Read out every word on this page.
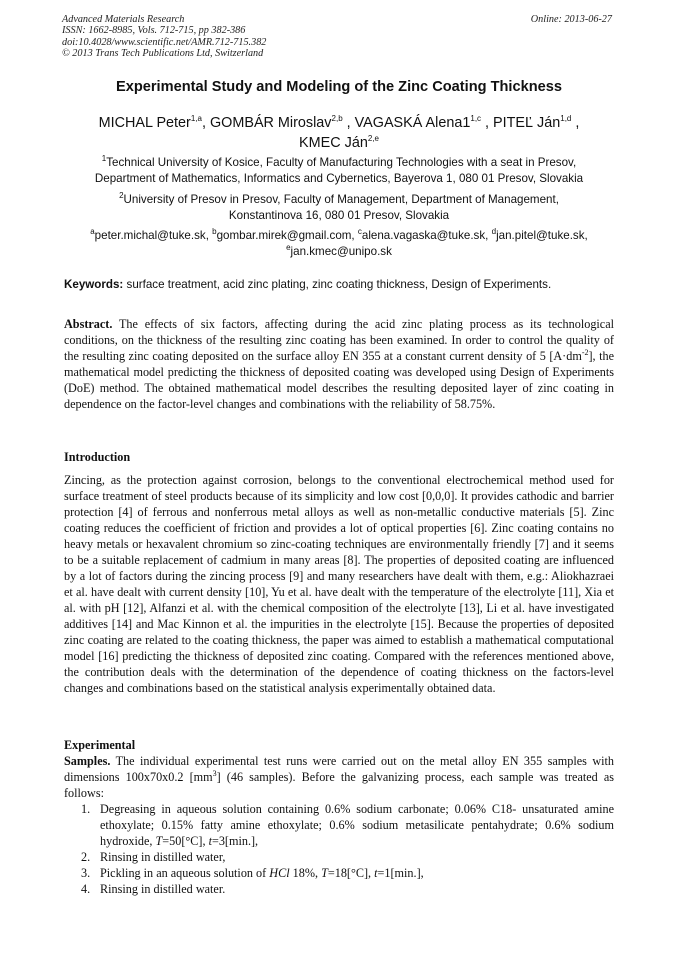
Advanced Materials Research
ISSN: 1662-8985, Vols. 712-715, pp 382-386
doi:10.4028/www.scientific.net/AMR.712-715.382
© 2013 Trans Tech Publications Ltd, Switzerland
Online: 2013-06-27
Experimental Study and Modeling of the Zinc Coating Thickness
MICHAL Peter$^{1,a}$, GOMBÁR Miroslav$^{2,b}$ , VAGASKÁ Alena1$^{1,c}$ , PITEĽ Ján$^{1,d}$ ,
KMEC Ján$^{2,e}$
$^1$Technical University of Kosice, Faculty of Manufacturing Technologies with a seat in Presov,
Department of Mathematics, Informatics and Cybernetics, Bayerova 1, 080 01 Presov, Slovakia
$^2$University of Presov in Presov, Faculty of Management, Department of Management,
Konstantinova 16, 080 01 Presov, Slovakia
$^a$peter.michal@tuke.sk, $^b$gombar.mirek@gmail.com, $^c$alena.vagaska@tuke.sk, $^d$jan.pitel@tuke.sk,
$^e$jan.kmec@unipo.sk
Keywords: surface treatment, acid zinc plating, zinc coating thickness, Design of Experiments.
Abstract. The effects of six factors, affecting during the acid zinc plating process as its technological conditions, on the thickness of the resulting zinc coating has been examined. In order to control the quality of the resulting zinc coating deposited on the surface alloy EN 355 at a constant current density of 5 $[A\cdot dm^{-2}]$, the mathematical model predicting the thickness of deposited coating was developed using Design of Experiments (DoE) method. The obtained mathematical model describes the resulting deposited layer of zinc coating in dependence on the factor-level changes and combinations with the reliability of 58.75%.
Introduction
Zincing, as the protection against corrosion, belongs to the conventional electrochemical method used for surface treatment of steel products because of its simplicity and low cost [0,0,0]. It provides cathodic and barrier protection [4] of ferrous and nonferrous metal alloys as well as non-metallic conductive materials [5]. Zinc coating reduces the coefficient of friction and provides a lot of optical properties [6]. Zinc coating contains no heavy metals or hexavalent chromium so zinc-coating techniques are environmentally friendly [7] and it seems to be a suitable replacement of cadmium in many areas [8]. The properties of deposited coating are influenced by a lot of factors during the zincing process [9] and many researchers have dealt with them, e.g.: Aliokhazraei et al. have dealt with current density [10], Yu et al. have dealt with the temperature of the electrolyte [11], Xia et al. with pH [12], Alfanzi et al. with the chemical composition of the electrolyte [13], Li et al. have investigated additives [14] and Mac Kinnon et al. the impurities in the electrolyte [15]. Because the properties of deposited zinc coating are related to the coating thickness, the paper was aimed to establish a mathematical computational model [16] predicting the thickness of deposited zinc coating. Compared with the references mentioned above, the contribution deals with the determination of the dependence of coating thickness on the factors-level changes and combinations based on the statistical analysis experimentally obtained data.
Experimental
Samples. The individual experimental test runs were carried out on the metal alloy EN 355 samples with dimensions 100x70x0.2 $[mm^3]$ (46 samples). Before the galvanizing process, each sample was treated as follows:
1. Degreasing in aqueous solution containing 0.6% sodium carbonate; 0.06% C18- unsaturated amine ethoxylate; 0.15% fatty amine ethoxylate; 0.6% sodium metasilicate pentahydrate; 0.6% sodium hydroxide, T=50[°C], t=3[min.],
2. Rinsing in distilled water,
3. Pickling in an aqueous solution of HCl 18%, T=18[°C], t=1[min.],
4. Rinsing in distilled water.
